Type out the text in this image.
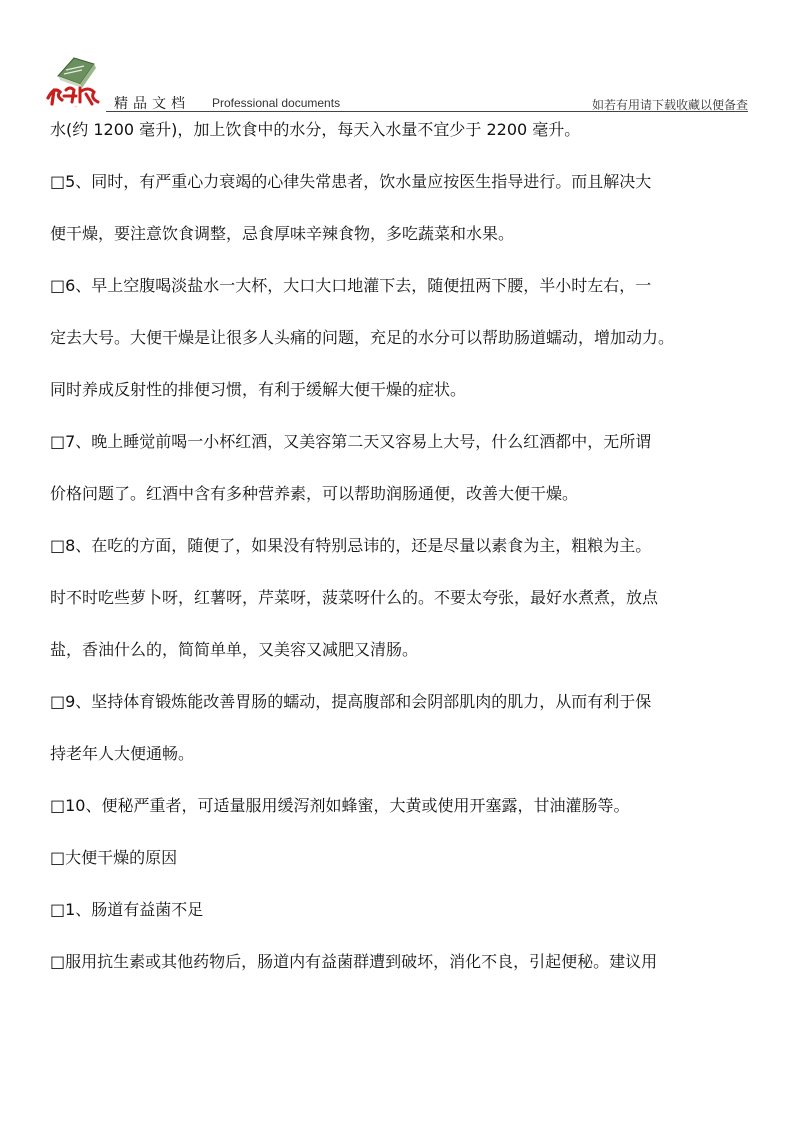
知识	精品文档 Professional documents	如若有用请下载收藏以便备查

水(约 1200 毫升)，加上饮食中的水分，每天入水量不宜少于 2200 毫升。

□5、同时，有严重心力衰竭的心律失常患者，饮水量应按医生指导进行。而且解决大

便干燥，要注意饮食调整，忌食厚味辛辣食物，多吃蔬菜和水果。

□6、早上空腹喝淡盐水一大杯，大口大口地灌下去，随便扭两下腰，半小时左右，一

定去大号。大便干燥是让很多人头痛的问题，充足的水分可以帮助肠道蠕动，增加动力。

同时养成反射性的排便习惯，有利于缓解大便干燥的症状。

□7、晚上睡觉前喝一小杯红酒，又美容第二天又容易上大号，什么红酒都中，无所谓

价格问题了。红酒中含有多种营养素，可以帮助润肠通便，改善大便干燥。

□8、在吃的方面，随便了，如果没有特别忌讳的，还是尽量以素食为主，粗粮为主。

时不时吃些萝卜呀，红薯呀，芹菜呀，菠菜呀什么的。不要太夸张，最好水煮煮，放点

盐，香油什么的，简简单单，又美容又减肥又清肠。

□9、坚持体育锻炼能改善胃肠的蠕动，提高腹部和会阴部肌肉的肌力，从而有利于保

持老年人大便通畅。

□10、便秘严重者，可适量服用缓泻剂如蜂蜜，大黄或使用开塞露，甘油灌肠等。

□大便干燥的原因

□1、肠道有益菌不足

□服用抗生素或其他药物后，肠道内有益菌群遭到破坏，消化不良，引起便秘。建议用
